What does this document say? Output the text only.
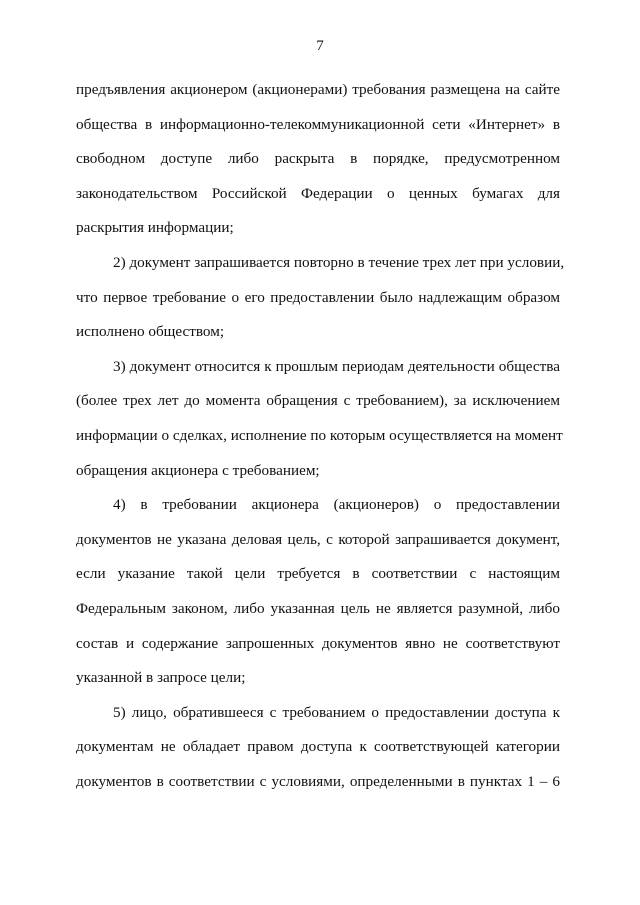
7
предъявления акционером (акционерами) требования размещена на сайте
общества в информационно-телекоммуникационной сети «Интернет» в
свободном доступе либо раскрыта в порядке, предусмотренном
законодательством Российской Федерации о ценных бумагах для
раскрытия информации;
2) документ запрашивается повторно в течение трех лет при условии,
что первое требование о его предоставлении было надлежащим образом
исполнено обществом;
3) документ относится к прошлым периодам деятельности общества
(более трех лет до момента обращения с требованием), за исключением
информации о сделках, исполнение по которым осуществляется на момент
обращения акционера с требованием;
4) в требовании акционера (акционеров) о предоставлении
документов не указана деловая цель, с которой запрашивается документ,
если указание такой цели требуется в соответствии с настоящим
Федеральным законом, либо указанная цель не является разумной, либо
состав и содержание запрошенных документов явно не соответствуют
указанной в запросе цели;
5) лицо, обратившееся с требованием о предоставлении доступа к
документам не обладает правом доступа к соответствующей категории
документов в соответствии с условиями, определенными в пунктах 1 – 6
